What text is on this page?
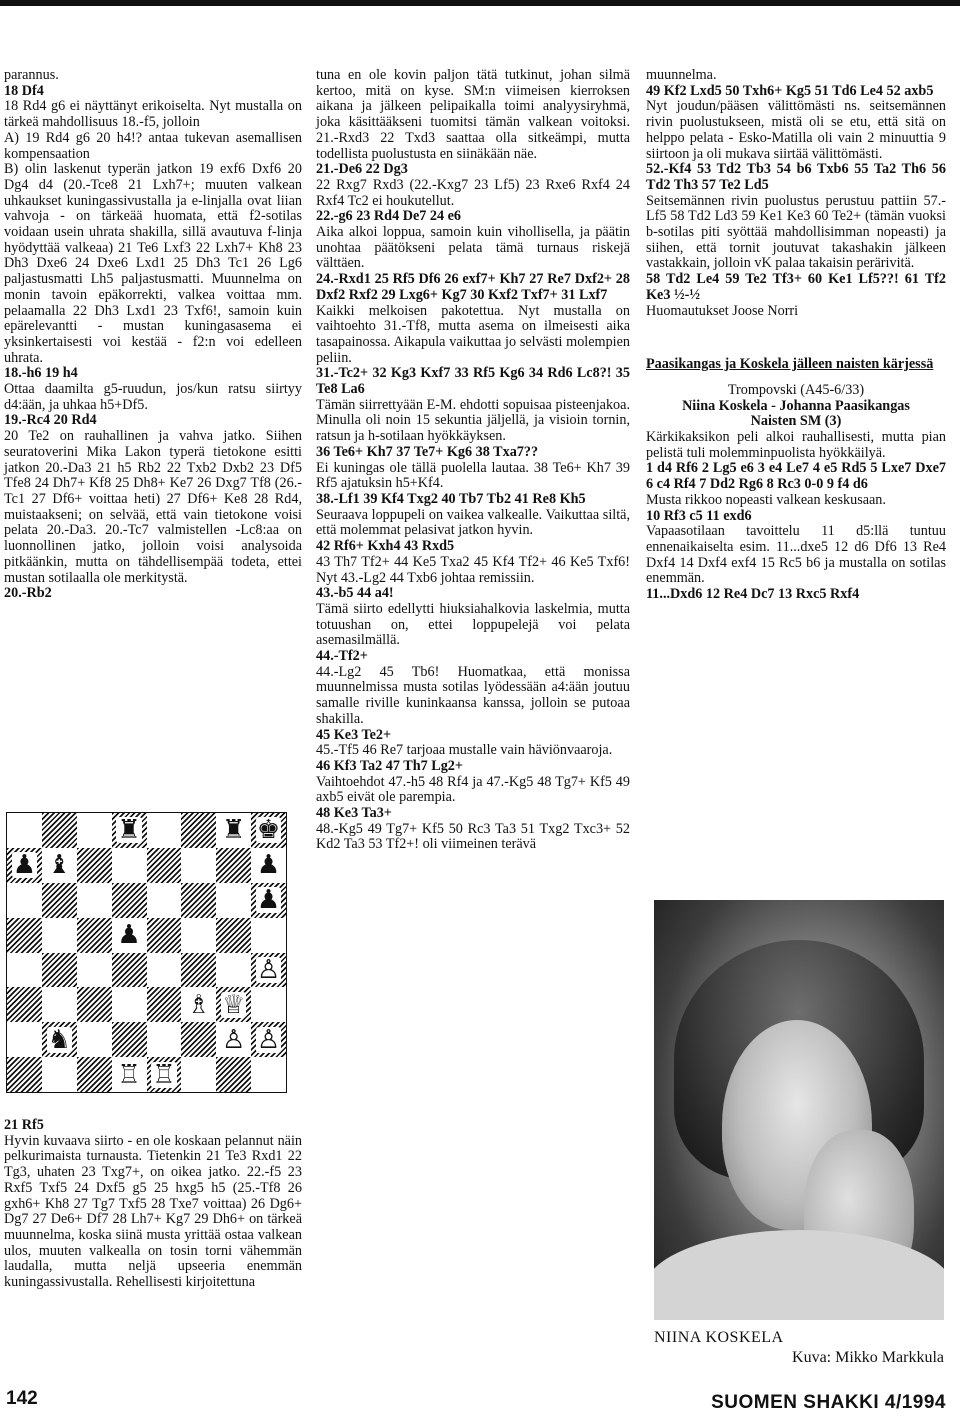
parannus.

18 Df4

18 Rd4 g6 ei näyttänyt erikoiselta. Nyt mustalla on tärkeä mahdollisuus 18.-f5, jolloin

A) 19 Rd4 g6 20 h4!? antaa tukevan asemallisen kompensaation

B) olin laskenut typerän jatkon 19 exf6 Dxf6 20 Dg4 d4 (20.-Tce8 21 Lxh7+; muuten valkean uhkaukset kuningassivustalla ja e-linjalla ovat liian vahvoja - on tärkeää huomata, että f2-sotilas voidaan usein uhrata shakilla, sillä avautuva f-linja hyödyttää valkeaa) 21 Te6 Lxf3 22 Lxh7+ Kh8 23 Dh3 Dxe6 24 Dxe6 Lxd1 25 Dh3 Tc1 26 Lg6 paljastusmatti Lh5 paljastusmatti. Muunnelma on monin tavoin epäkorrekti, valkea voittaa mm. pelaamalla 22 Dh3 Lxd1 23 Txf6!, samoin kuin epärelevantti - mustan kuningasasema ei yksinkertaisesti voi kestää - f2:n voi edelleen uhrata.

18.-h6 19 h4

Ottaa daamilta g5-ruudun, jos/kun ratsu siirtyy d4:ään, ja uhkaa h5+Df5.

19.-Rc4 20 Rd4

20 Te2 on rauhallinen ja vahva jatko. Siihen seuratoverini Mika Lakon typerä tietokone esitti jatkon 20.-Da3 21 h5 Rb2 22 Txb2 Dxb2 23 Df5 Tfe8 24 Dh7+ Kf8 25 Dh8+ Ke7 26 Dxg7 Tf8 (26.-Tc1 27 Df6+ voittaa heti) 27 Df6+ Ke8 28 Rd4, muistaakseni; on selvää, että vain tietokone voisi pelata 20.-Da3. 20.-Tc7 valmistellen -Lc8:aa on luonnollinen jatko, jolloin voisi analysoida pitkäänkin, mutta on tähdellisempää todeta, ettei mustan sotilaalla ole merkitystä.

20.-Rb2

♜	♜ ♚
♟ ♝	♟
♟
♟
♙
♗ ♕
♞	♙ ♙
♖ ♖

21 Rf5

Hyvin kuvaava siirto - en ole koskaan pelannut näin pelkurimaista turnausta. Tietenkin 21 Te3 Rxd1 22 Tg3, uhaten 23 Txg7+, on oikea jatko. 22.-f5 23 Rxf5 Txf5 24 Dxf5 g5 25 hxg5 h5 (25.-Tf8 26 gxh6+ Kh8 27 Tg7 Txf5 28 Txe7 voittaa) 26 Dg6+ Dg7 27 De6+ Df7 28 Lh7+ Kg7 29 Dh6+ on tärkeä muunnelma, koska siinä musta yrittää ostaa valkean ulos, muuten valkealla on tosin torni vähemmän laudalla, mutta neljä upseeria enemmän kuningassivustalla. Rehellisesti kirjoitettuna

tuna en ole kovin paljon tätä tutkinut, johan silmä kertoo, mitä on kyse. SM:n viimeisen kierroksen aikana ja jälkeen pelipaikalla toimi analyysiryhmä, joka käsittääkseni tuomitsi tämän valkean voitoksi. 21.-Rxd3 22 Txd3 saattaa olla sitkeämpi, mutta todellista puolustusta en siinäkään näe.

21.-De6 22 Dg3

22 Rxg7 Rxd3 (22.-Kxg7 23 Lf5) 23 Rxe6 Rxf4 24 Rxf4 Tc2 ei houkutellut.

22.-g6 23 Rd4 De7 24 e6

Aika alkoi loppua, samoin kuin vihollisella, ja päätin unohtaa päätökseni pelata tämä turnaus riskejä välttäen.

24.-Rxd1 25 Rf5 Df6 26 exf7+ Kh7 27 Re7 Dxf2+ 28 Dxf2 Rxf2 29 Lxg6+ Kg7 30 Kxf2 Txf7+ 31 Lxf7

Kaikki melkoisen pakotettua. Nyt mustalla on vaihtoehto 31.-Tf8, mutta asema on ilmeisesti aika tasapainossa. Aikapula vaikuttaa jo selvästi molempien peliin.

31.-Tc2+ 32 Kg3 Kxf7 33 Rf5 Kg6 34 Rd6 Lc8?! 35 Te8 La6

Tämän siirrettyään E-M. ehdotti sopuisaa pisteenjakoa. Minulla oli noin 15 sekuntia jäljellä, ja visioin tornin, ratsun ja h-sotilaan hyökkäyksen.

36 Te6+ Kh7 37 Te7+ Kg6 38 Txa7??

Ei kuningas ole tällä puolella lautaa. 38 Te6+ Kh7 39 Rf5 ajatuksin h5+Kf4.

38.-Lf1 39 Kf4 Txg2 40 Tb7 Tb2 41 Re8 Kh5

Seuraava loppupeli on vaikea valkealle. Vaikuttaa siltä, että molemmat pelasivat jatkon hyvin.

42 Rf6+ Kxh4 43 Rxd5

43 Th7 Tf2+ 44 Ke5 Txa2 45 Kf4 Tf2+ 46 Ke5 Txf6! Nyt 43.-Lg2 44 Txb6 johtaa remissiin.

43.-b5 44 a4!

Tämä siirto edellytti hiuksiahalkovia laskelmia, mutta totuushan on, ettei loppupelejä voi pelata asemasilmällä.

44.-Tf2+

44.-Lg2 45 Tb6! Huomatkaa, että monissa muunnelmissa musta sotilas lyödessään a4:ään joutuu samalle riville kuninkaansa kanssa, jolloin se putoaa shakilla.

45 Ke3 Te2+

45.-Tf5 46 Re7 tarjoaa mustalle vain häviönvaaroja.

46 Kf3 Ta2 47 Th7 Lg2+

Vaihtoehdot 47.-h5 48 Rf4 ja 47.-Kg5 48 Tg7+ Kf5 49 axb5 eivät ole parempia.

48 Ke3 Ta3+

48.-Kg5 49 Tg7+ Kf5 50 Rc3 Ta3 51 Txg2 Txc3+ 52 Kd2 Ta3 53 Tf2+! oli viimeinen terävä

muunnelma.

49 Kf2 Lxd5 50 Txh6+ Kg5 51 Td6 Le4 52 axb5

Nyt joudun/pääsen välittömästi ns. seitsemännen rivin puolustukseen, mistä oli se etu, että sitä on helppo pelata - Esko-Matilla oli vain 2 minuuttia 9 siirtoon ja oli mukava siirtää välittömästi.

52.-Kf4 53 Td2 Tb3 54 b6 Txb6 55 Ta2 Th6 56 Td2 Th3 57 Te2 Ld5

Seitsemännen rivin puolustus perustuu pattiin 57.-Lf5 58 Td2 Ld3 59 Ke1 Ke3 60 Te2+ (tämän vuoksi b-sotilas piti syöttää mahdollisimman nopeasti) ja siihen, että tornit joutuvat takashakin jälkeen vastakkain, jolloin vK palaa takaisin perärivitä.

58 Td2 Le4 59 Te2 Tf3+ 60 Ke1 Lf5??! 61 Tf2 Ke3 ½-½

Huomautukset Joose Norri

Paasikangas ja Koskela jälleen naisten kärjessä

Trompovski (A45-6/33)

Niina Koskela - Johanna Paasikangas

Naisten SM (3)

Kärkikaksikon peli alkoi rauhallisesti, mutta pian pelistä tuli molemminpuolista hyökkäilyä.

1 d4 Rf6 2 Lg5 e6 3 e4 Le7 4 e5 Rd5 5 Lxe7 Dxe7 6 c4 Rf4 7 Dd2 Rg6 8 Rc3 0-0 9 f4 d6

Musta rikkoo nopeasti valkean keskusaan.

10 Rf3 c5 11 exd6

Vapaasotilaan tavoittelu 11 d5:llä tuntuu ennenaikaiselta esim. 11...dxe5 12 d6 Df6 13 Re4 Dxf4 14 Dxf4 exf4 15 Rc5 b6 ja mustalla on sotilas enemmän.

11...Dxd6 12 Re4 Dc7 13 Rxc5 Rxf4

NIINA KOSKELA
Kuva: Mikko Markkula
142	SUOMEN SHAKKI 4/1994
